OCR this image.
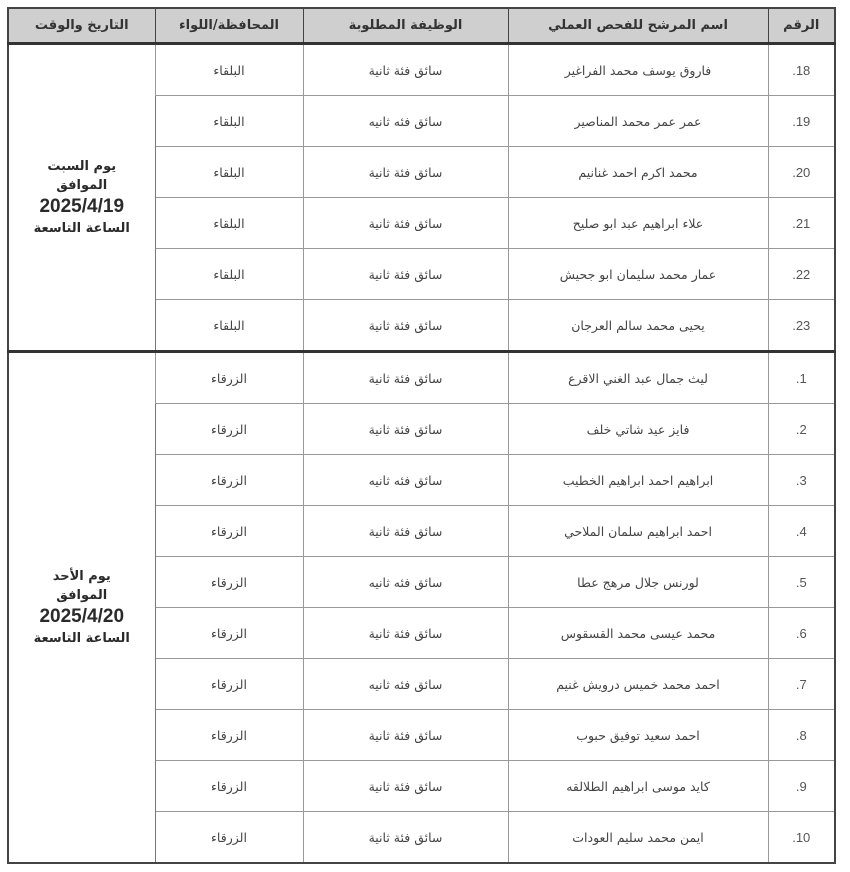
الرقم	اسم المرشح للفحص العملي	الوظيفة المطلوبة	المحافظة/اللواء	التاريخ والوقت
18.	فاروق يوسف محمد الفراغير	سائق فئة ثانية	البلقاء	يوم السبت
الموافق
2025/4/19
الساعة التاسعة

19.	عمر عمر محمد المناصير	سائق فئه ثانيه	البلقاء	
20.	محمد اكرم احمد غنانيم	سائق فئة ثانية	البلقاء	
21.	علاء ابراهيم عبد ابو صليح	سائق فئة ثانية	البلقاء	
22.	عمار محمد سليمان ابو جحيش	سائق فئة ثانية	البلقاء	
23.	يحيى محمد سالم العرجان	سائق فئة ثانية	البلقاء	
1.	ليث جمال عبد الغني الاقرع	سائق فئة ثانية	الزرقاء	يوم الأحد
الموافق
2025/4/20
الساعة التاسعة

2.	فايز عيد شاتي خلف	سائق فئة ثانية	الزرقاء	
3.	ابراهيم احمد ابراهيم الخطيب	سائق فئه ثانيه	الزرقاء	
4.	احمد ابراهيم سلمان الملاحي	سائق فئة ثانية	الزرقاء	
5.	لورنس جلال مرهج عطا	سائق فئه ثانيه	الزرقاء	
6.	محمد عيسى محمد القسقوس	سائق فئة ثانية	الزرقاء	
7.	احمد محمد خميس درويش غنيم	سائق فئه ثانيه	الزرقاء	
8.	احمد سعيد توفيق حبوب	سائق فئة ثانية	الزرقاء	
9.	كايد موسى ابراهيم الطلالقه	سائق فئة ثانية	الزرقاء	
10.	ايمن محمد سليم العودات	سائق فئة ثانية	الزرقاء	
